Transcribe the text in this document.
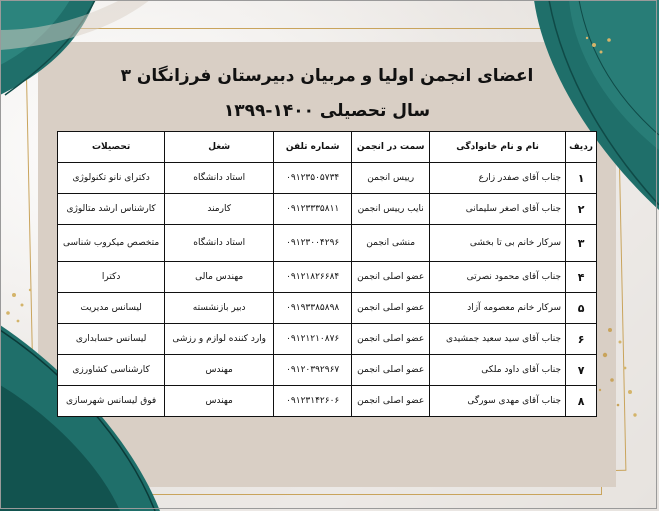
اعضای انجمن اولیا و مربیان دبیرستان فرزانگان ۳
سال تحصیلی ۱۴۰۰-۱۳۹۹
ردیف	نام و نام خانوادگی	سمت در انجمن	شماره تلفن	شغل	تحصیلات
۱	جناب آقای صفدر زارع	رییس انجمن	۰۹۱۲۳۵۰۵۷۳۴	استاد دانشگاه	دکترای نانو تکنولوژی
۲	جناب آقای اصغر سلیمانی	نایب رییس انجمن	۰۹۱۲۳۳۳۵۸۱۱	کارمند	کارشناس ارشد متالوژی
۳	سرکار خانم بی تا بخشی	منشی انجمن	۰۹۱۲۳۰۰۴۲۹۶	استاد دانشگاه	متخصص میکروب شناسی
۴	جناب آقای محمود نصرتی	عضو اصلی انجمن	۰۹۱۲۱۸۲۶۶۸۴	مهندس مالی	دکترا
۵	سرکار خانم معصومه آزاد	عضو اصلی انجمن	۰۹۱۹۳۳۸۵۸۹۸	دبیر بازنشسته	لیسانس مدیریت
۶	جناب آقای سید سعید جمشیدی	عضو اصلی انجمن	۰۹۱۲۱۲۱۰۸۷۶	وارد کننده لوازم و رزشی	لیسانس حسابداری
۷	جناب آقای داود ملکی	عضو اصلی انجمن	۰۹۱۲۰۳۹۲۹۶۷	مهندس	کارشناسی کشاورزی
۸	جناب آقای مهدی سورگی	عضو اصلی انجمن	۰۹۱۲۳۱۴۲۶۰۶	مهندس	فوق لیسانس شهرسازی
